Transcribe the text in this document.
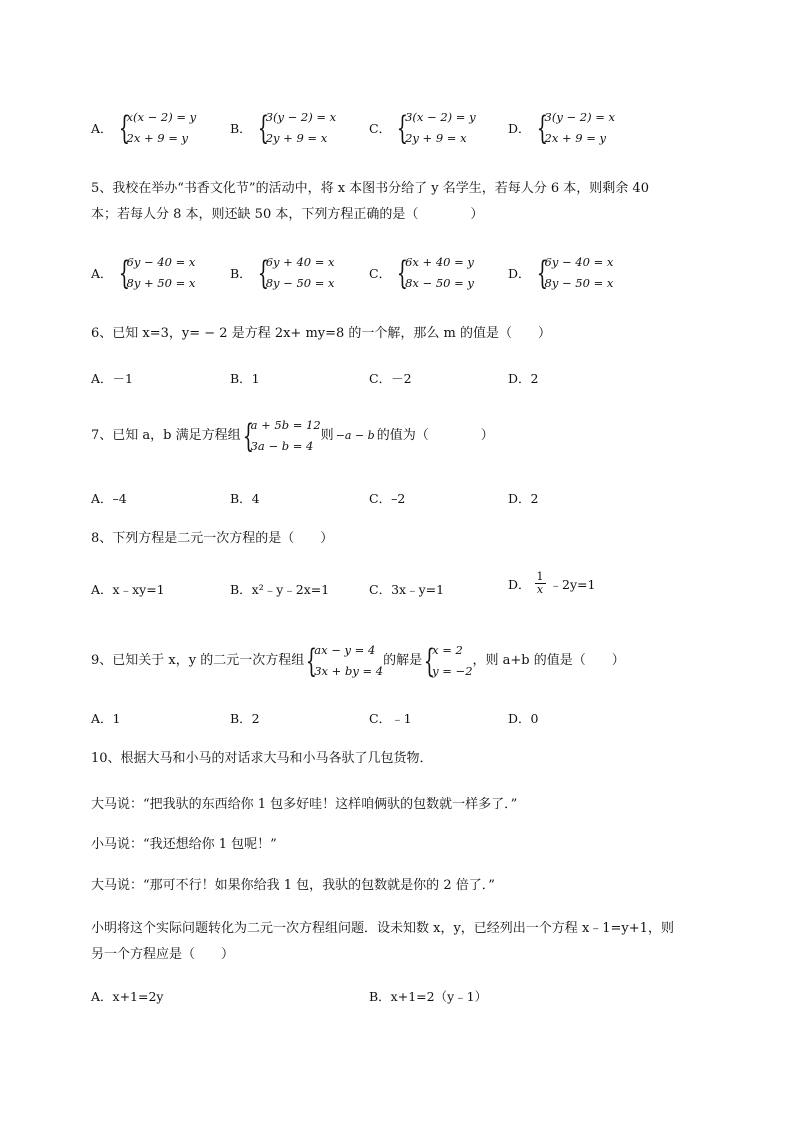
A． {
x(x − 2) = y
2x + 9 = y
B． {
3(y − 2) = x
2y + 9 = x
C． {
3(x − 2) = y
2y + 9 = x
D． {
3(y − 2) = x
2x + 9 = y
5、我校在举办“书香文化节”的活动中，将 x 本图书分给了 y 名学生，若每人分 6 本，则剩余 40
本；若每人分 8 本，则还缺 50 本，下列方程正确的是（　　　　）
A． {
6y − 40 = x
8y + 50 = x
B． {
6y + 40 = x
8y − 50 = x
C． {
6x + 40 = y
8x − 50 = y
D． {
6y − 40 = x
8y − 50 = x
6、已知 x=3，y= − 2 是方程 2x+ my=8 的一个解，那么 m 的值是（　　）
A．－1	B．1	C．－2	D．2
7、已知 a，b 满足方程组 {
a + 5b = 12
3a − b = 4
则 −a − b 的值为（　　　　）
A．–4	B．4	C．–2	D．2
8、下列方程是二元一次方程的是（　　）
A．x﹣xy=1	B．x²﹣y﹣2x=1	C．3x﹣y=1	D． $\frac{1}{x}$ ﹣2y=1
9、已知关于 x，y 的二元一次方程组 {
ax − y = 4
3x + by = 4
的解是 {
x = 2
y = −2
，则 a+b 的值是（　　）
A．1	B．2	C．﹣1	D．0
10、根据大马和小马的对话求大马和小马各驮了几包货物．
大马说：“把我驮的东西给你 1 包多好哇！这样咱俩驮的包数就一样多了．”
小马说：“我还想给你 1 包呢！”
大马说：“那可不行！如果你给我 1 包，我驮的包数就是你的 2 倍了．”
小明将这个实际问题转化为二元一次方程组问题．设未知数 x，y，已经列出一个方程 x﹣1=y+1，则
另一个方程应是（　　）
A．x+1=2y	B．x+1=2（y﹣1）
